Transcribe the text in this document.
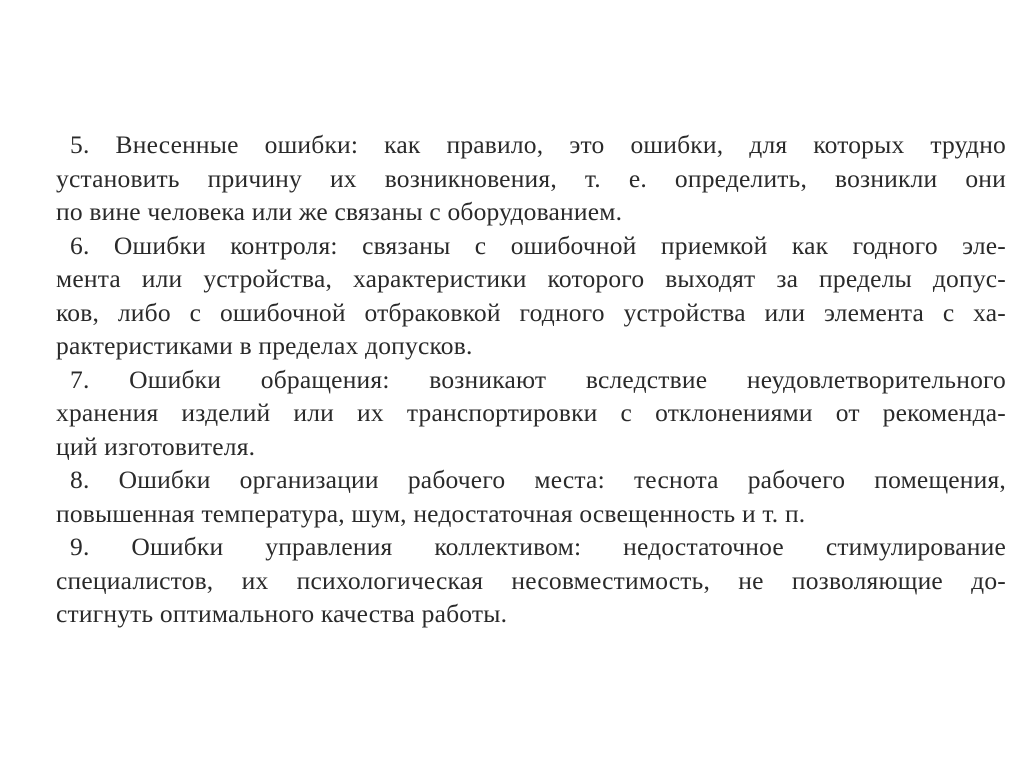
5. Внесенные ошибки: как правило, это ошибки, для которых трудно
установить причину их возникновения, т. е. определить, возникли они
по вине человека или же связаны с оборудованием.
6. Ошибки контроля: связаны с ошибочной приемкой как годного эле-
мента или устройства, характеристики которого выходят за пределы допус-
ков, либо с ошибочной отбраковкой годного устройства или элемента с ха-
рактеристиками в пределах допусков.
7. Ошибки обращения: возникают вследствие неудовлетворительного
хранения изделий или их транспортировки с отклонениями от рекоменда-
ций изготовителя.
8. Ошибки организации рабочего места: теснота рабочего помещения,
повышенная температура, шум, недостаточная освещенность и т. п.
9. Ошибки управления коллективом: недостаточное стимулирование
специалистов, их психологическая несовместимость, не позволяющие до-
стигнуть оптимального качества работы.
